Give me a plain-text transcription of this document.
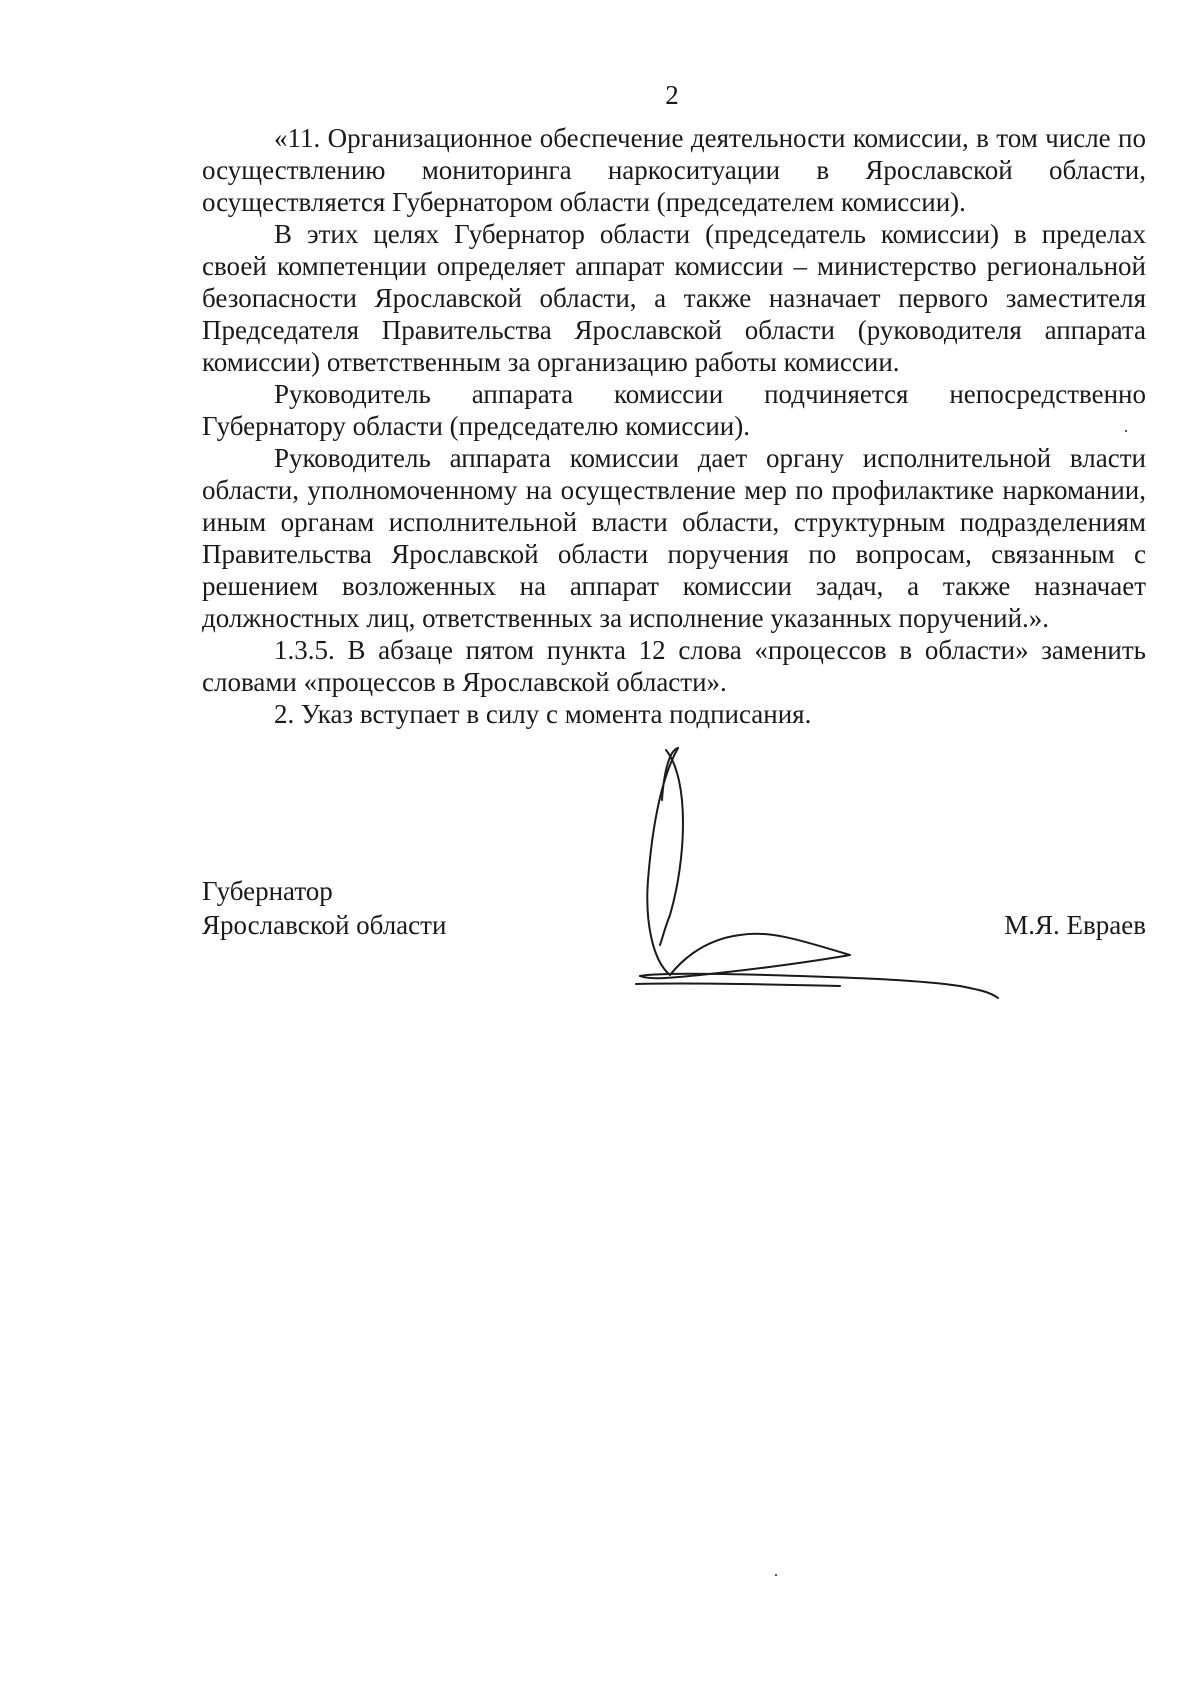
2

«11. Организационное обеспечение деятельности комиссии, в том числе по осуществлению мониторинга наркоситуации в Ярославской области, осуществляется Губернатором области (председателем комиссии).

В этих целях Губернатор области (председатель комиссии) в пределах своей компетенции определяет аппарат комиссии – министерство региональной безопасности Ярославской области, а также назначает первого заместителя Председателя Правительства Ярославской области (руководителя аппарата комиссии) ответственным за организацию работы комиссии.

Руководитель аппарата комиссии подчиняется непосредственно Губернатору области (председателю комиссии).

Руководитель аппарата комиссии дает органу исполнительной власти области, уполномоченному на осуществление мер по профилактике наркомании, иным органам исполнительной власти области, структурным подразделениям Правительства Ярославской области поручения по вопросам, связанным с решением возложенных на аппарат комиссии задач, а также назначает должностных лиц, ответственных за исполнение указанных поручений.».

1.3.5. В абзаце пятом пункта 12 слова «процессов в области» заменить словами «процессов в Ярославской области».

2. Указ вступает в силу с момента подписания.

Губернатор
Ярославской области	М.Я. Евраев
